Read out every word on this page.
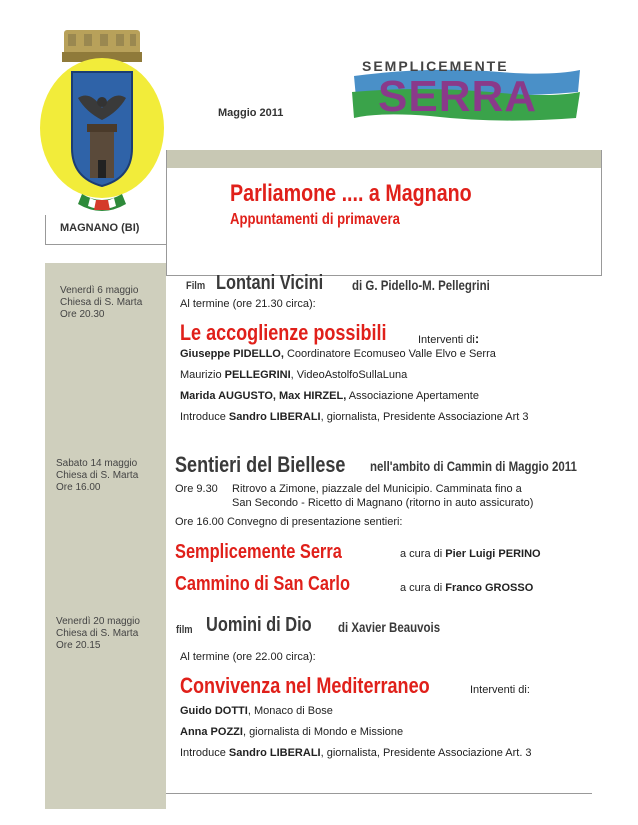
MAGNANO (BI)
Maggio 2011
SEMPLICEMENTE
SERRA
Parliamone .... a Magnano
Appuntamenti di primavera
Venerdì 6 maggio
Chiesa di S. Marta
Ore 20.30
Film Lontani Vicini di G. Pidello-M. Pellegrini
Al termine (ore 21.30 circa):
Le accoglienze possibili	Interventi di:
Giuseppe PIDELLO, Coordinatore Ecomuseo Valle Elvo e Serra
Maurizio PELLEGRINI, VideoAstolfoSullaLuna
Marida AUGUSTO, Max HIRZEL, Associazione Apertamente
Introduce Sandro LIBERALI, giornalista, Presidente Associazione Art 3
Sabato 14 maggio
Chiesa di S. Marta
Ore 16.00
Sentieri del Biellese nell'ambito di Cammin di Maggio 2011
Ore 9.30 Ritrovo a Zimone, piazzale del Municipio. Camminata fino a
San Secondo - Ricetto di Magnano (ritorno in auto assicurato)
Ore 16.00 Convegno di presentazione sentieri:
Semplicemente Serra	a cura di Pier Luigi PERINO
Cammino di San Carlo	a cura di Franco GROSSO
Venerdì 20 maggio
Chiesa di S. Marta
Ore 20.15
film Uomini di Dio di Xavier Beauvois
Al termine (ore 22.00 circa):
Convivenza nel Mediterraneo	Interventi di:
Guido DOTTI, Monaco di Bose
Anna POZZI, giornalista di Mondo e Missione
Introduce Sandro LIBERALI, giornalista, Presidente Associazione Art. 3
